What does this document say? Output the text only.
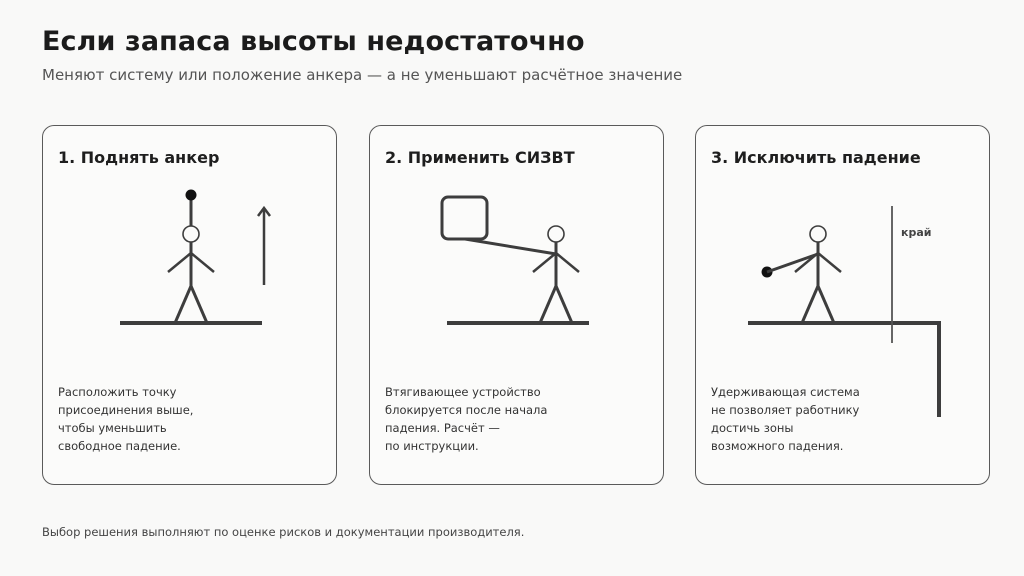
Если запаса высоты недостаточно
Меняют систему или положение анкера — а не уменьшают расчётное значение
1. Поднять анкер
Расположить точку
присоединения выше,
чтобы уменьшить
свободное падение.
2. Применить СИЗВТ
Втягивающее устройство
блокируется после начала
падения. Расчёт —
по инструкции.
3. Исключить падение
край
Удерживающая система
не позволяет работнику
достичь зоны
возможного падения.
Выбор решения выполняют по оценке рисков и документации производителя.
